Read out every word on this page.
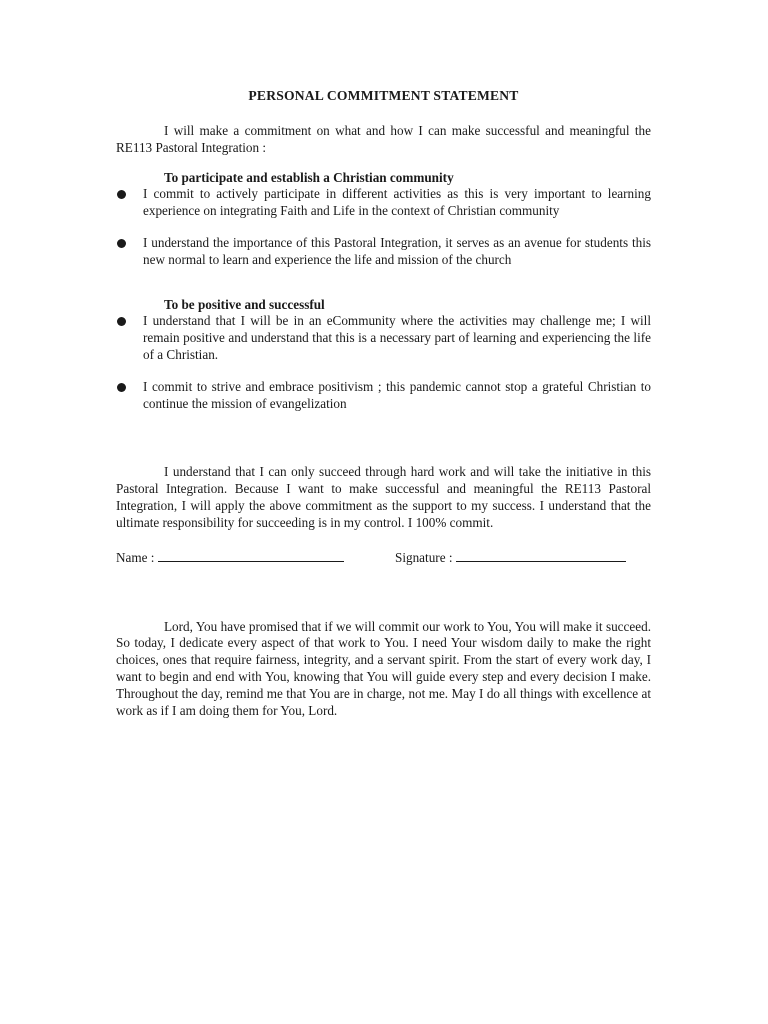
PERSONAL COMMITMENT STATEMENT

I will make a commitment on what and how I can make successful and meaningful the RE113 Pastoral Integration :

To participate and establish a Christian community

I commit to actively participate in different activities as this is very important to learning experience on integrating Faith and Life in the context of Christian community
I understand the importance of this Pastoral Integration, it serves as an avenue for students this new normal to learn and experience the life and mission of the church

To be positive and successful

I understand that I will be in an eCommunity where the activities may challenge me; I will remain positive and understand that this is a necessary part of learning and experiencing the life of a Christian.
I commit to strive and embrace positivism ; this pandemic cannot stop a grateful Christian to continue the mission of evangelization

I understand that I can only succeed through hard work and will take the initiative in this Pastoral Integration. Because I want to make successful and meaningful the RE113 Pastoral Integration, I will apply the above commitment as the support to my success. I understand that the ultimate responsibility for succeeding is in my control. I 100% commit.

Name :	Signature :

Lord, You have promised that if we will commit our work to You, You will make it succeed. So today, I dedicate every aspect of that work to You. I need Your wisdom daily to make the right choices, ones that require fairness, integrity, and a servant spirit. From the start of every work day, I want to begin and end with You, knowing that You will guide every step and every decision I make. Throughout the day, remind me that You are in charge, not me. May I do all things with excellence at work as if I am doing them for You, Lord.
